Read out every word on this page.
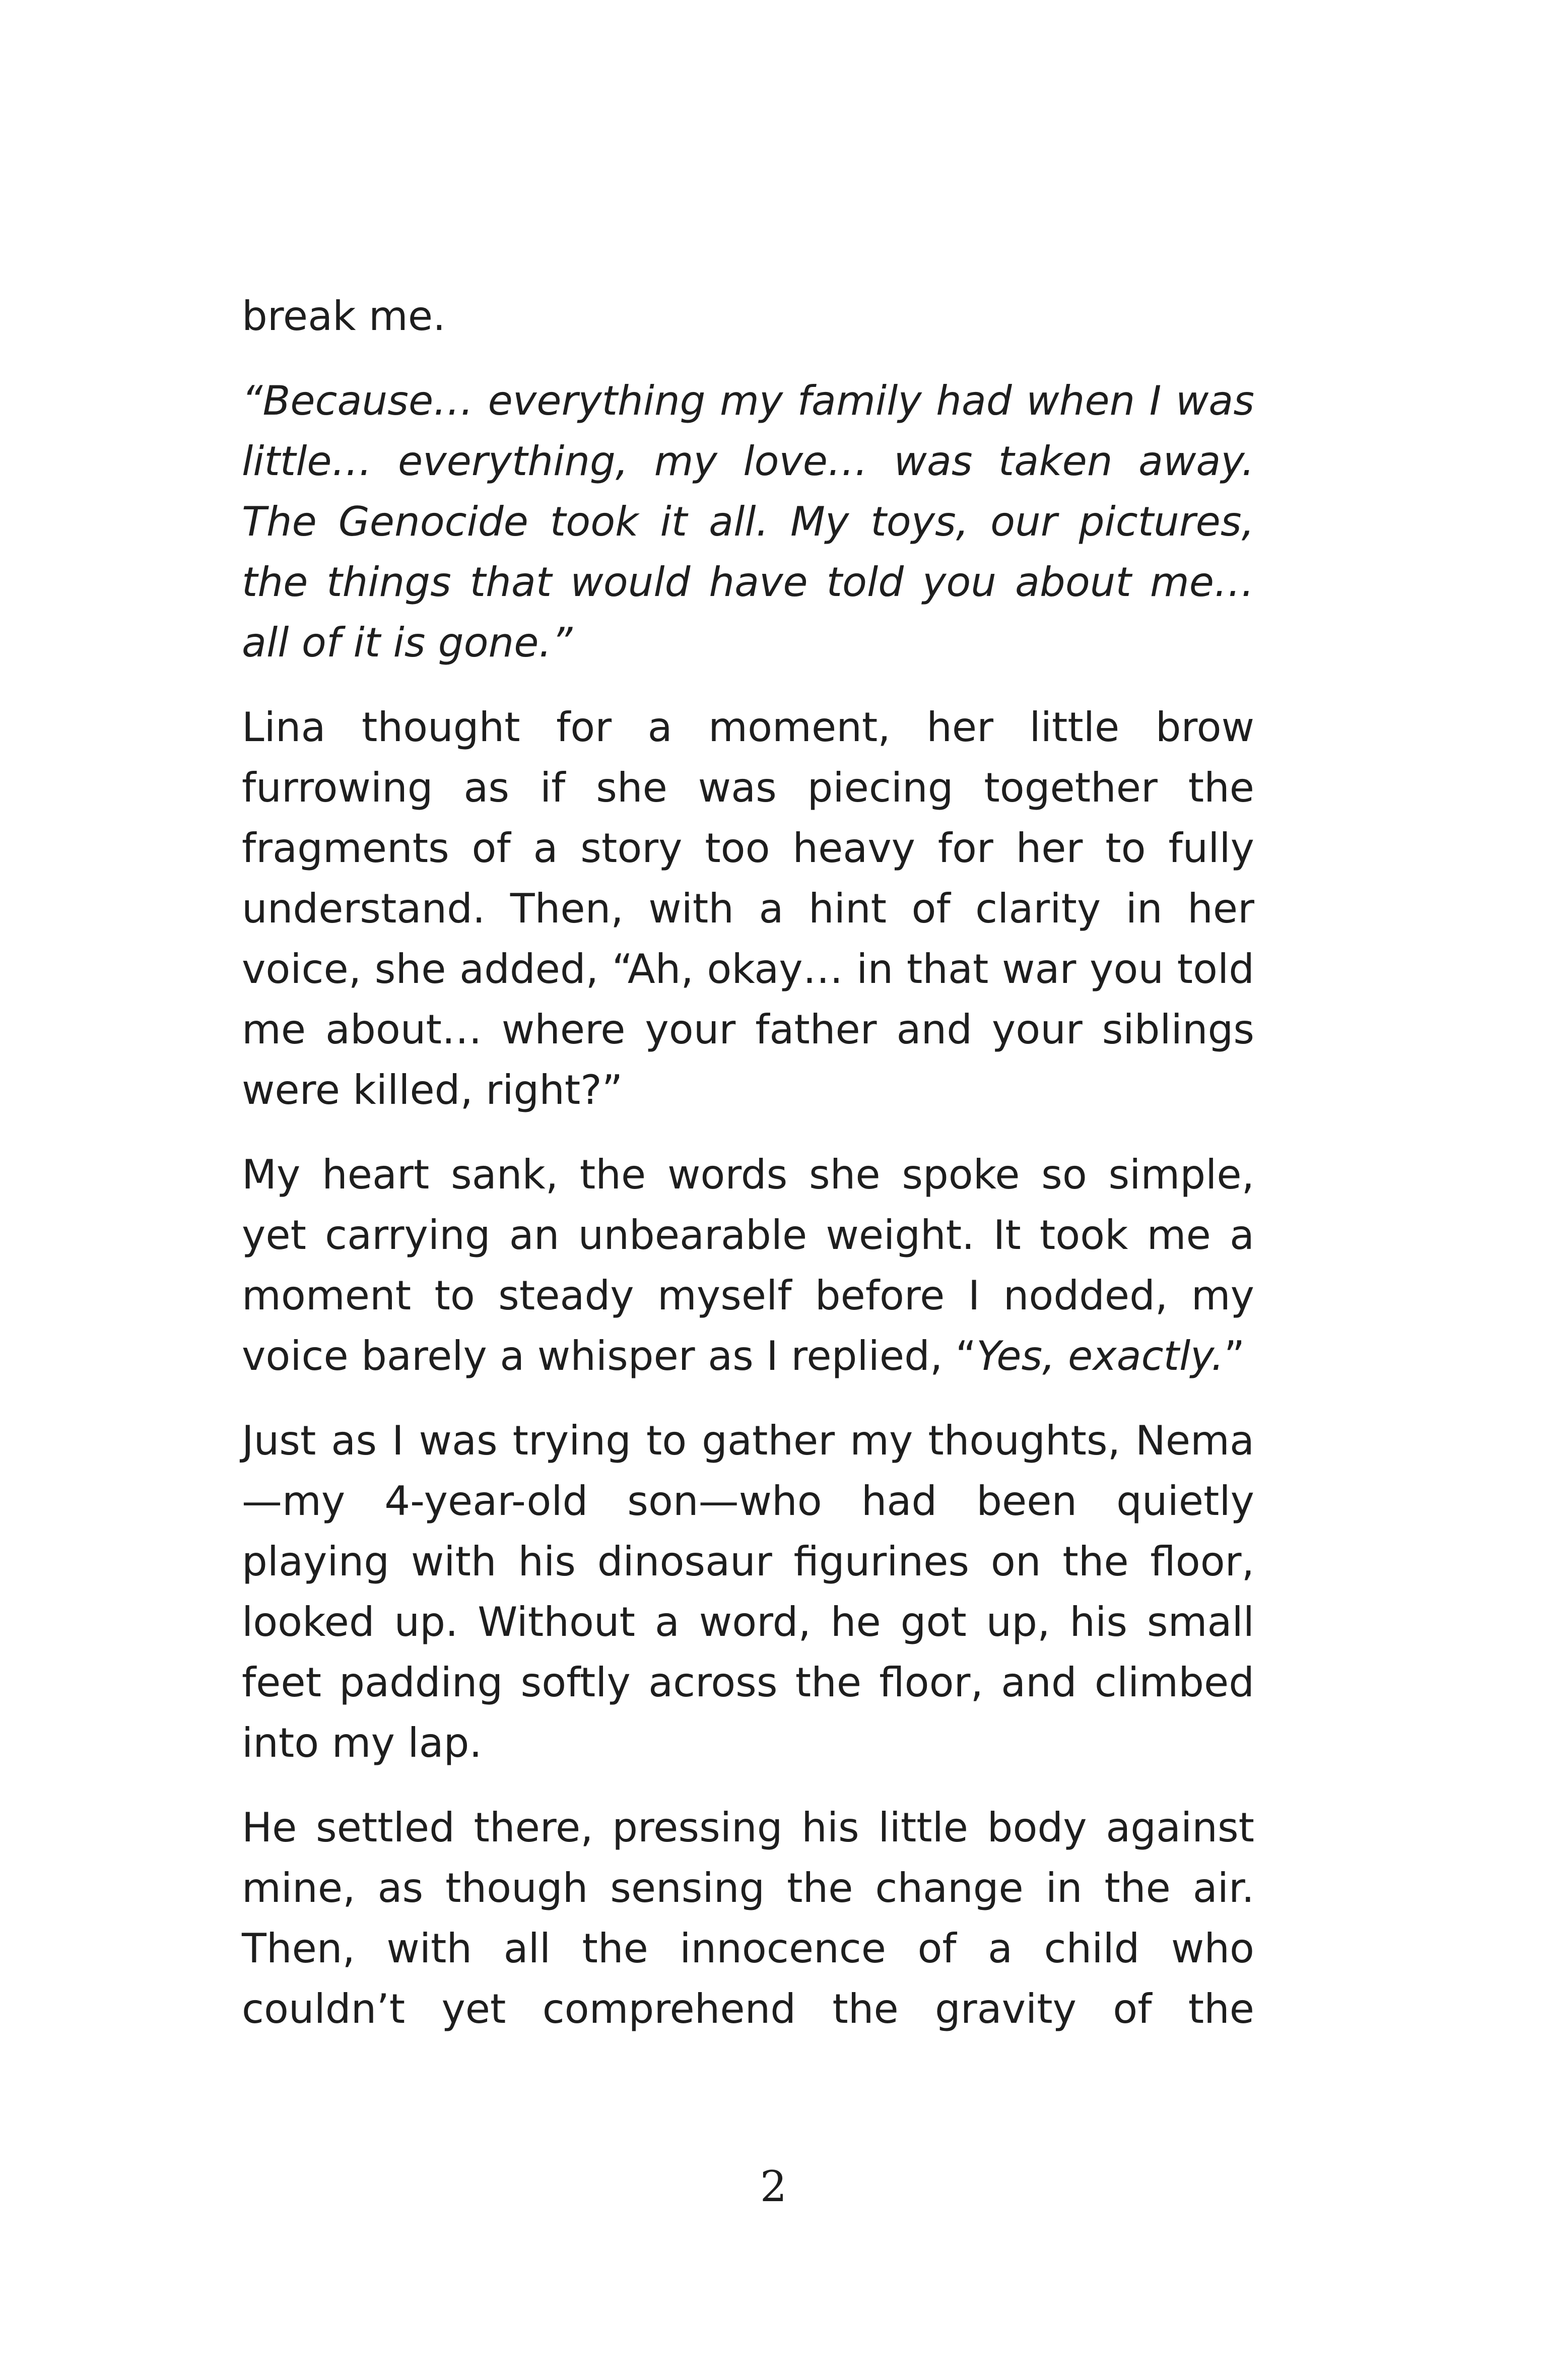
break me.

“Because… everything my family had when I was little… everything, my love… was taken away. The Genocide took it all. My toys, our pictures, the things that would have told you about me… all of it is gone.”

Lina thought for a moment, her little brow furrowing as if she was piecing together the fragments of a story too heavy for her to fully understand. Then, with a hint of clarity in her voice, she added, “Ah, okay… in that war you told me about… where your father and your siblings were killed, right?”

My heart sank, the words she spoke so simple, yet carrying an unbearable weight. It took me a moment to steady myself before I nodded, my voice barely a whisper as I replied, “Yes, exactly.”

Just as I was trying to gather my thoughts, Nema—my 4-year-old son—who had been quietly playing with his dinosaur figurines on the floor, looked up. Without a word, he got up, his small feet padding softly across the floor, and climbed into my lap.

He settled there, pressing his little body against mine, as though sensing the change in the air. Then, with all the innocence of a child who couldn’t yet comprehend the gravity of the

2
